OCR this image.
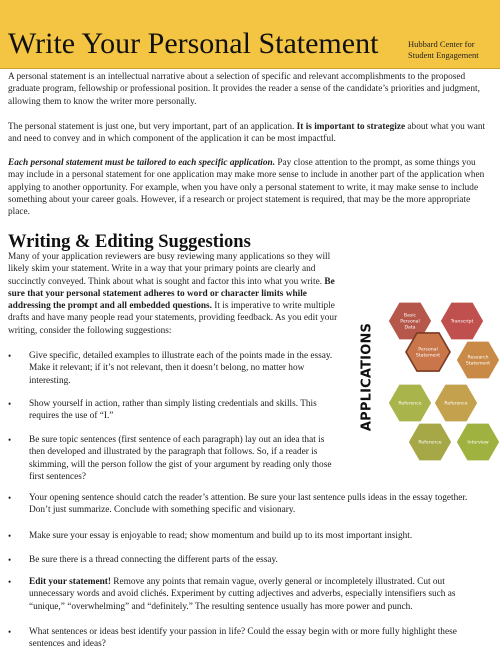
Write Your Personal Statement	Hubbard Center for
Student Engagement

A personal statement is an intellectual narrative about a selection of specific and relevant accomplishments to the proposed graduate program, fellowship or professional position. It provides the reader a sense of the candidate’s priorities and judgment, allowing them to know the writer more personally.

The personal statement is just one, but very important, part of an application. It is important to strategize about what you want and need to convey and in which component of the application it can be most impactful.

Each personal statement must be tailored to each specific application. Pay close attention to the prompt, as some things you may include in a personal statement for one application may make more sense to include in another part of the application when applying to another opportunity. For example, when you have only a personal statement to write, it may make sense to include something about your career goals. However, if a research or project statement is required, that may be the more appropriate place.

Writing & Editing Suggestions

Many of your application reviewers are busy reviewing many applications so they will likely skim your statement. Write in a way that your primary points are clearly and succinctly conveyed. Think about what is sought and factor this into what you write. Be sure that your personal statement adheres to word or character limits while addressing the prompt and all embedded questions. It is imperative to write multiple drafts and have many people read your statements, providing feedback. As you edit your writing, consider the following suggestions:

• Give specific, detailed examples to illustrate each of the points made in the essay. Make it relevant; if it’s not relevant, then it doesn’t belong, no matter how interesting.
• Show yourself in action, rather than simply listing credentials and skills. This requires the use of “I.”
• Be sure topic sentences (first sentence of each paragraph) lay out an idea that is then developed and illustrated by the paragraph that follows. So, if a reader is skimming, will the person follow the gist of your argument by reading only those first sentences?
• Your opening sentence should catch the reader’s attention. Be sure your last sentence pulls ideas in the essay together. Don’t just summarize. Conclude with something specific and visionary.
• Make sure your essay is enjoyable to read; show momentum and build up to its most important insight.
• Be sure there is a thread connecting the different parts of the essay.
• Edit your statement! Remove any points that remain vague, overly general or incompletely illustrated. Cut out unnecessary words and avoid clichés. Experiment by cutting adjectives and adverbs, especially intensifiers such as “unique,” “overwhelming” and “definitely.” The resulting sentence usually has more power and punch.
• What sentences or ideas best identify your passion in life? Could the essay begin with or more fully highlight these sentences and ideas?
APPLICATIONS
Basic
Personal
Data
Transcript
Personal
Statement	Research
Statement
Reference	Reference
Reference	Interview
